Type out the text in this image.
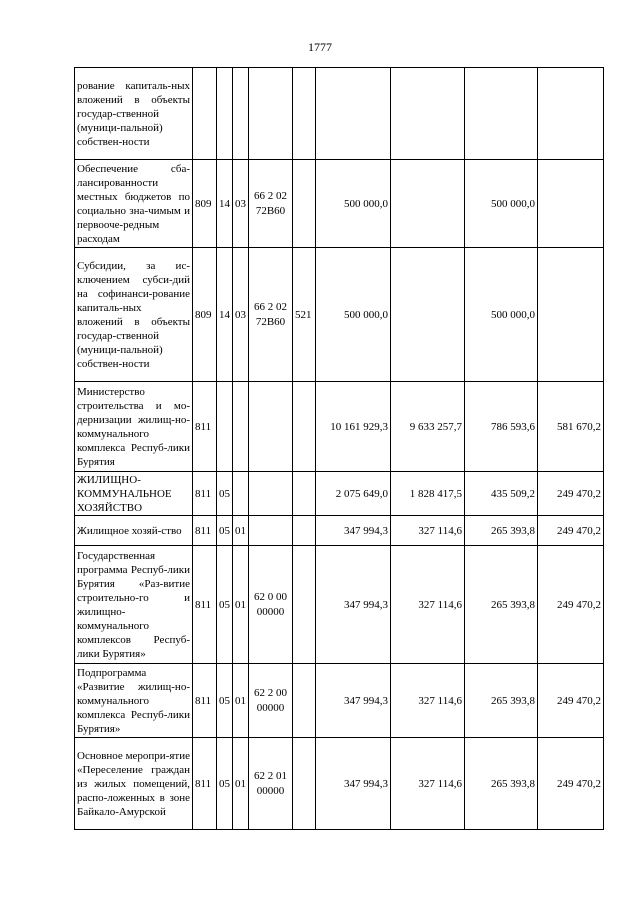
1777
рование капиталь-ных вложений в объекты государ-ственной (муници-пальной) собствен-ности									
Обеспечение сба-лансированности местных бюджетов по социально зна-чимым и первооче-редным расходам	809	14	03	66 2 02 72В60		500 000,0		500 000,0	
Субсидии, за ис-ключением субси-дий на софинанси-рование капиталь-ных вложений в объекты государ-ственной (муници-пальной) собствен-ности	809	14	03	66 2 02 72В60	521	500 000,0		500 000,0	
Министерство строительства и мо-дернизации жилищ-но-коммунального комплекса Респуб-лики Бурятия	811					10 161 929,3	9 633 257,7	786 593,6	581 670,2
ЖИЛИЩНО-КОММУНАЛЬНОЕ ХОЗЯЙСТВО	811	05				2 075 649,0	1 828 417,5	435 509,2	249 470,2
Жилищное хозяй-ство	811	05	01			347 994,3	327 114,6	265 393,8	249 470,2
Государственная программа Респуб-лики Бурятия «Раз-витие строительно-го и жилищно-коммунального комплексов Респуб-лики Бурятия»	811	05	01	62 0 00 00000		347 994,3	327 114,6	265 393,8	249 470,2
Подпрограмма «Развитие жилищ-но-коммунального комплекса Респуб-лики Бурятия»	811	05	01	62 2 00 00000		347 994,3	327 114,6	265 393,8	249 470,2
Основное меропри-ятие «Переселение граждан из жилых помещений, распо-ложенных в зоне Байкало-Амурской	811	05	01	62 2 01 00000		347 994,3	327 114,6	265 393,8	249 470,2
